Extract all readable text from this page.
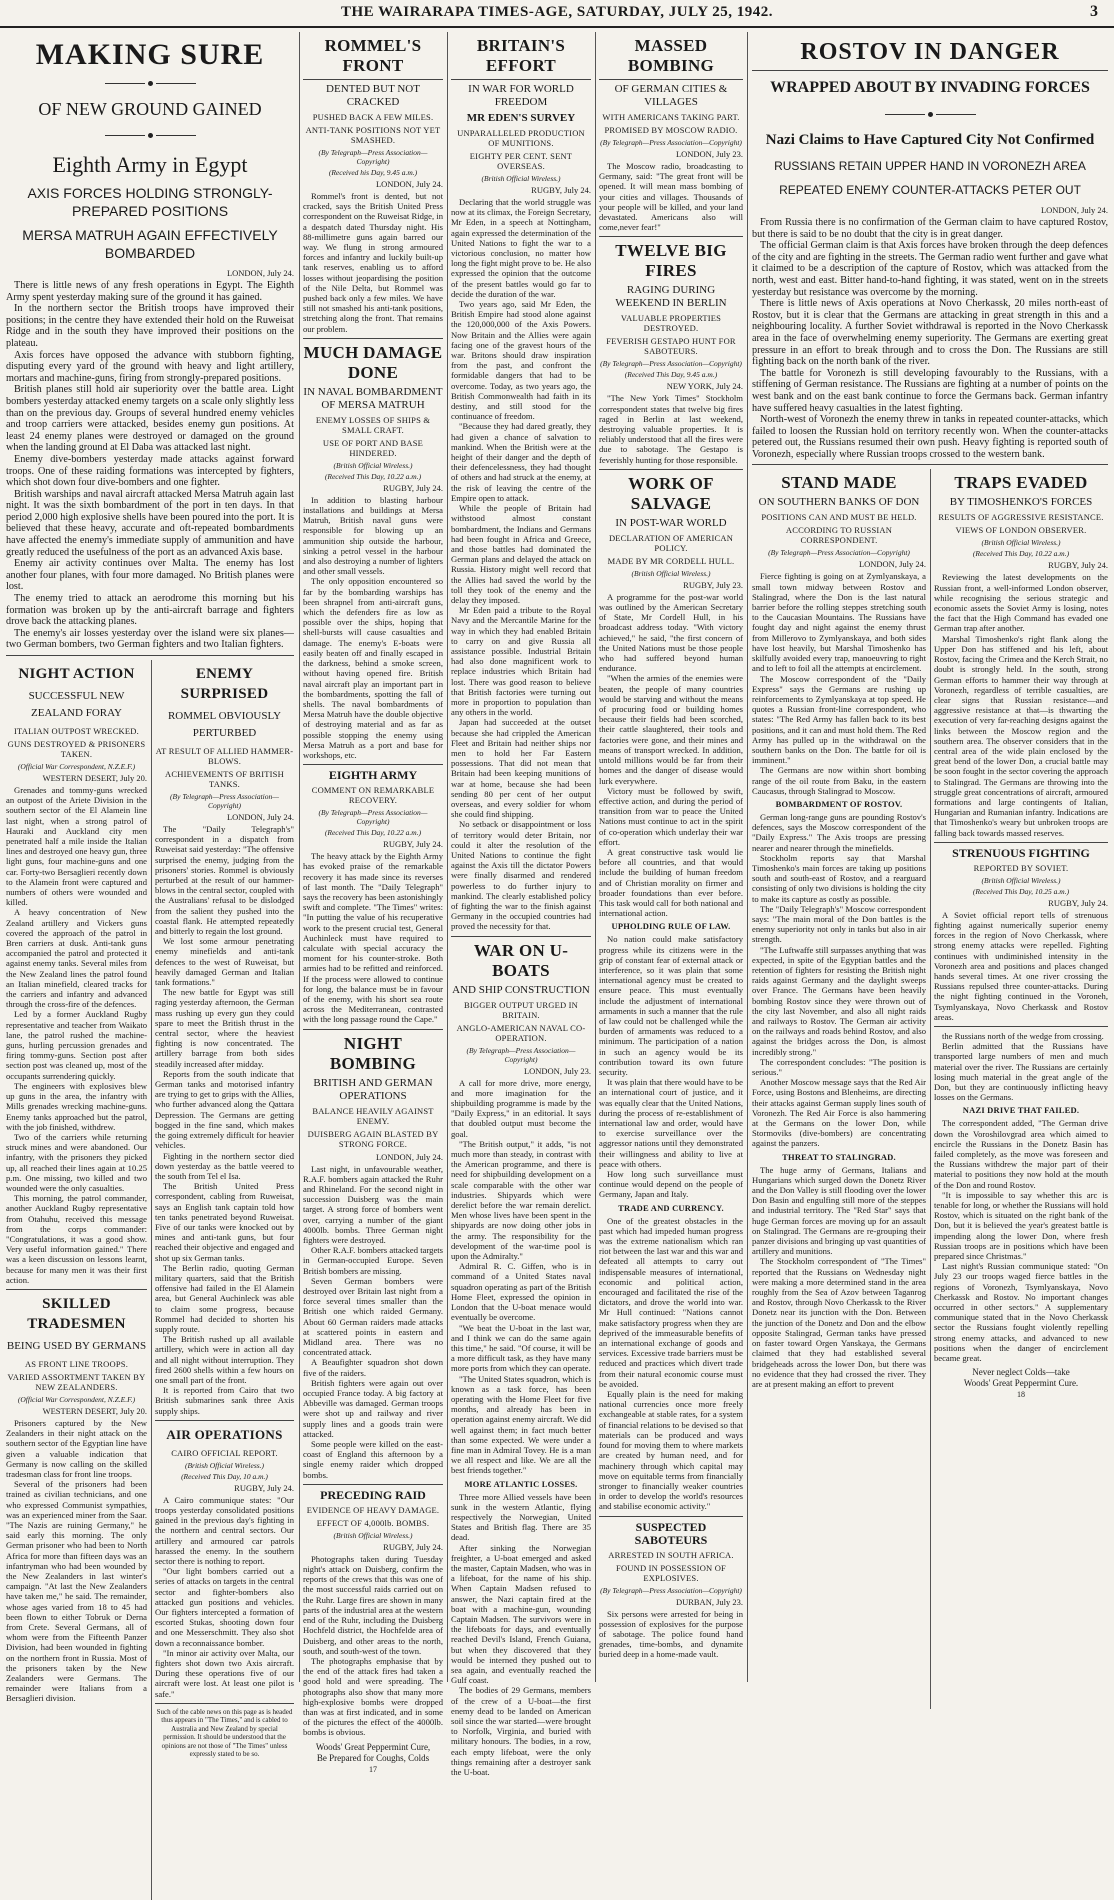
THE WAIRARAPA TIMES-AGE, SATURDAY, JULY 25, 1942.	3
MAKING SURE
OF NEW GROUND GAINED
Eighth Army in Egypt
AXIS FORCES HOLDING STRONGLY-PREPARED POSITIONS
MERSA MATRUH AGAIN EFFECTIVELY BOMBARDED
LONDON, July 24.

There is little news of any fresh operations in Egypt. The Eighth Army spent yesterday making sure of the ground it has gained.

In the northern sector the British troops have improved their positions; in the centre they have extended their hold on the Ruweisat Ridge and in the south they have improved their positions on the plateau.

Axis forces have opposed the advance with stubborn fighting, disputing every yard of the ground with heavy and light artillery, mortars and machine-guns, firing from strongly-prepared positions.

British planes still hold air superiority over the battle area. Light bombers yesterday attacked enemy targets on a scale only slightly less than on the previous day. Groups of several hundred enemy vehicles and troop carriers were attacked, besides enemy gun positions. At least 24 enemy planes were destroyed or damaged on the ground when the landing ground at El Daba was attacked last night.

Enemy dive-bombers yesterday made attacks against forward troops. One of these raiding formations was intercepted by fighters, which shot down four dive-bombers and one fighter.

British warships and naval aircraft attacked Mersa Matruh again last night. It was the sixth bombardment of the port in ten days. In that period 2,000 high explosive shells have been poured into the port. It is believed that these heavy, accurate and oft-repeated bombardments have affected the enemy's immediate supply of ammunition and have greatly reduced the usefulness of the port as an advanced Axis base.

Enemy air activity continues over Malta. The enemy has lost another four planes, with four more damaged. No British planes were lost.

The enemy tried to attack an aerodrome this morning but his formation was broken up by the anti-aircraft barrage and fighters drove back the attacking planes.

The enemy's air losses yesterday over the island were six planes—two German bombers, two German fighters and two Italian fighters.

NIGHT ACTION
SUCCESSFUL NEW ZEALAND FORAY
ITALIAN OUTPOST WRECKED.
GUNS DESTROYED & PRISONERS TAKEN.
(Official War Correspondent, N.Z.E.F.)
WESTERN DESERT, July 20.

Grenades and tommy-guns wrecked an outpost of the Ariete Division in the southern sector of the El Alamein line last night, when a strong patrol of Hauraki and Auckland city men penetrated half a mile inside the Italian lines and destroyed one heavy gun, three light guns, four machine-guns and one car. Forty-two Bersaglieri recently down to the Alamein front were captured and numbers of others were wounded and killed.

A heavy concentration of New Zealand artillery and Vickers guns covered the approach of the patrol in Bren carriers at dusk. Anti-tank guns accompanied the patrol and protected it against enemy tanks. Several miles from the New Zealand lines the patrol found an Italian minefield, cleared tracks for the carriers and infantry and advanced through the cross-fire of the defences.

Led by a former Auckland Rugby representative and teacher from Waikato lane, the patrol rushed the machine-guns, hurling percussion grenades and firing tommy-guns. Section post after section post was cleaned up, most of the occupants surrendering quickly.

The engineers with explosives blew up guns in the area, the infantry with Mills grenades wrecking machine-guns. Enemy tanks approached but the patrol, with the job finished, withdrew.

Two of the carriers while returning struck mines and were abandoned. Our infantry, with the prisoners they picked up, all reached their lines again at 10.25 p.m. One missing, two killed and two wounded were the only casualties.

This morning, the patrol commander, another Auckland Rugby representative from Otahuhu, received this message from the corps commander: "Congratulations, it was a good show. Very useful information gained." There was a keen discussion on lessons learnt, because for many men it was their first action.

SKILLED TRADESMEN
BEING USED BY GERMANS
AS FRONT LINE TROOPS.
VARIED ASSORTMENT TAKEN BY NEW ZEALANDERS.
(Official War Correspondent, N.Z.E.F.)
WESTERN DESERT, July 20.

Prisoners captured by the New Zealanders in their night attack on the southern sector of the Egyptian line have given a valuable indication that Germany is now calling on the skilled tradesman class for front line troops.

Several of the prisoners had been trained as civilian technicians, and one who expressed Communist sympathies, was an experienced miner from the Saar. "The Nazis are ruining Germany," he said early this morning. The only German prisoner who had been to North Africa for more than fifteen days was an infantryman who had been wounded by the New Zealanders in last winter's campaign. "At last the New Zealanders have taken me," he said. The remainder, whose ages varied from 18 to 45 had been flown to either Tobruk or Derna from Crete. Several Germans, all of whom were from the Fifteenth Panzer Division, had been wounded in fighting on the northern front in Russia. Most of the prisoners taken by the New Zealanders were Germans. The remainder were Italians from a Bersaglieri division.

ENEMY SURPRISED
ROMMEL OBVIOUSLY PERTURBED
AT RESULT OF ALLIED HAMMER-BLOWS.
ACHIEVEMENTS OF BRITISH TANKS.
(By Telegraph—Press Association—Copyright)
LONDON, July 24.

The "Daily Telegraph's" correspondent in a dispatch from Ruweisat said yesterday: "The offensive surprised the enemy, judging from the prisoners' stories. Rommel is obviously perturbed at the result of our hammer-blows in the central sector, coupled with the Australians' refusal to be dislodged from the salient they pushed into the coastal flank. He attempted repeatedly and bitterly to regain the lost ground.

We lost some armour penetrating enemy minefields and anti-tank defences to the west of Ruweisat, but heavily damaged German and Italian tank formations."

The new battle for Egypt was still raging yesterday afternoon, the German mass rushing up every gun they could spare to meet the British thrust in the central sector, where the heaviest fighting is now concentrated. The artillery barrage from both sides steadily increased after midday.

Reports from the south indicate that German tanks and motorised infantry are trying to get to grips with the Allies, who further advanced along the Qattara Depression. The Germans are getting bogged in the fine sand, which makes the going extremely difficult for heavier vehicles.

Fighting in the northern sector died down yesterday as the battle veered to the south from Tel el Isa.

The British United Press correspondent, cabling from Ruweisat, says an English tank captain told how ten tanks penetrated beyond Ruweisat. Five of our tanks were knocked out by mines and anti-tank guns, but four reached their objective and engaged and shot up six German tanks.

The Berlin radio, quoting German military quarters, said that the British offensive had failed in the El Alamein area, but General Auchinleck was able to claim some progress, because Rommel had decided to shorten his supply route.

The British rushed up all available artillery, which were in action all day and all night without interruption. They fired 2600 shells within a few hours on one small part of the front.

It is reported from Cairo that two British submarines sank three Axis supply ships.

AIR OPERATIONS
CAIRO OFFICIAL REPORT.
(British Official Wireless.)
(Received This Day, 10 a.m.)
RUGBY, July 24.

A Cairo communique states: "Our troops yesterday consolidated positions gained in the previous day's fighting in the northern and central sectors. Our artillery and armoured car patrols harassed the enemy. In the southern sector there is nothing to report.

"Our light bombers carried out a series of attacks on targets in the central sector and fighter-bombers also attacked gun positions and vehicles. Our fighters intercepted a formation of escorted Stukas, shooting down four and one Messerschmitt. They also shot down a reconnaissance bomber.

"In minor air activity over Malta, our fighters shot down two Axis aircraft. During these operations five of our aircraft were lost. At least one pilot is safe."

Such of the cable news on this page as is headed thus appears in "The Times," and is cabled to Australia and New Zealand by special permission. It should be understood that the opinions are not those of "The Times" unless expressly stated to be so.
ROMMEL'S FRONT
DENTED BUT NOT CRACKED
PUSHED BACK A FEW MILES.
ANTI-TANK POSITIONS NOT YET SMASHED.
(By Telegraph—Press Association—Copyright)
(Received his Day, 9.45 a.m.)
LONDON, July 24.

Rommel's front is dented, but not cracked, says the British United Press correspondent on the Ruweisat Ridge, in a despatch dated Thursday night. His 88-millimetre guns again barred our way. We flung in strong armoured forces and infantry and luckily built-up tank reserves, enabling us to afford losses without jeopardising the position of the Nile Delta, but Rommel was pushed back only a few miles. We have still not smashed his anti-tank positions, stretching along the front. That remains our problem.

MUCH DAMAGE DONE
IN NAVAL BOMBARDMENT OF MERSA MATRUH
ENEMY LOSSES OF SHIPS & SMALL CRAFT.
USE OF PORT AND BASE HINDERED.
(British Official Wireless.)
(Received This Day, 10.22 a.m.)
RUGBY, July 24.

In addition to blasting harbour installations and buildings at Mersa Matruh, British naval guns were responsible for blowing up an ammunition ship outside the harbour, sinking a petrol vessel in the harbour and also destroying a number of lighters and other small vessels.

The only opposition encountered so far by the bombarding warships has been shrapnel from anti-aircraft guns, which the defenders fire as low as possible over the ships, hoping that shell-bursts will cause casualties and damage. The enemy's E-boats were easily beaten off and finally escaped in the darkness, behind a smoke screen, without having opened fire. British naval aircraft play an important part in the bombardments, spotting the fall of shells. The naval bombardments of Mersa Matruh have the double objective of destroying material and as far as possible stopping the enemy using Mersa Matruh as a port and base for workshops, etc.

EIGHTH ARMY
COMMENT ON REMARKABLE RECOVERY.
(By Telegraph—Press Association—Copyright)
(Received This Day, 10.22 a.m.)
RUGBY, July 24.

The heavy attack by the Eighth Army has evoked praise of the remarkable recovery it has made since its reverses of last month. The "Daily Telegraph" says the recovery has been astonishingly swift and complete. "The Times" writes: "In putting the value of his recuperative work to the present crucial test, General Auchinleck must have required to calculate with special accuracy the moment for his counter-stroke. Both armies had to be refitted and reinforced. If the process were allowed to continue for long, the balance must be in favour of the enemy, with his short sea route across the Mediterranean, contrasted with the long passage round the Cape."

NIGHT BOMBING
BRITISH AND GERMAN OPERATIONS
BALANCE HEAVILY AGAINST ENEMY.
DUISBERG AGAIN BLASTED BY STRONG FORCE.
LONDON, July 24.

Last night, in unfavourable weather, R.A.F. bombers again attacked the Ruhr and Rhineland. For the second night in succession Duisberg was the main target. A strong force of bombers went over, carrying a number of the giant 4000lb. bombs. Three German night fighters were destroyed.

Other R.A.F. bombers attacked targets in German-occupied Europe. Seven British bombers are missing.

Seven German bombers were destroyed over Britain last night from a force several times smaller than the British one which raided Germany. About 60 German raiders made attacks at scattered points in eastern and Midland area. There was no concentrated attack.

A Beaufighter squadron shot down five of the raiders.

British fighters were again out over occupied France today. A big factory at Abbeville was damaged. German troops were shot up and railway and river supply lines and a goods train were attacked.

Some people were killed on the east-coast of England this afternoon by a single enemy raider which dropped bombs.

PRECEDING RAID
EVIDENCE OF HEAVY DAMAGE.
EFFECT OF 4,000lb. BOMBS.
(British Official Wireless.)
RUGBY, July 24.

Photographs taken during Tuesday night's attack on Duisberg, confirm the reports of the crews that this was one of the most successful raids carried out on the Ruhr. Large fires are shown in many parts of the industrial area at the western end of the Ruhr, including the Duisberg Hochfeld district, the Hochfelde area of Duisberg, and other areas to the north, south, and south-west of the town.

The photographs emphasise that by the end of the attack fires had taken a good hold and were spreading. The photographs also show that many more high-explosive bombs were dropped than was at first indicated, and in some of the pictures the effect of the 4000lb. bombs is obvious.

Woods' Great Peppermint Cure,
Be Prepared for Coughs, Colds
17
BRITAIN'S EFFORT
IN WAR FOR WORLD FREEDOM
MR EDEN'S SURVEY
UNPARALLELED PRODUCTION OF MUNITIONS.
EIGHTY PER CENT. SENT OVERSEAS.
(British Official Wireless.)
RUGBY, July 24.

Declaring that the world struggle was now at its climax, the Foreign Secretary, Mr Eden, in a speech at Nottingham, again expressed the determination of the United Nations to fight the war to a victorious conclusion, no matter how long the fight might prove to be. He also expressed the opinion that the outcome of the present battles would go far to decide the duration of the war.

Two years ago, said Mr Eden, the British Empire had stood alone against the 120,000,000 of the Axis Powers. Now Britain and the Allies were again facing one of the gravest hours of the war. Britons should draw inspiration from the past, and confront the formidable dangers that had to be overcome. Today, as two years ago, the British Commonwealth had faith in its destiny, and still stood for the continuance of freedom.

"Because they had dared greatly, they had given a chance of salvation to mankind. When the British were at the height of their danger and the depth of their defencelessness, they had thought of others and had struck at the enemy, at the risk of leaving the centre of the Empire open to attack.

While the people of Britain had withstood almost constant bombardment, the Indians and Germans had been fought in Africa and Greece, and those battles had dominated the German plans and delayed the attack on Russia. History might well record that the Allies had saved the world by the toll they took of the enemy and the delay they imposed.

Mr Eden paid a tribute to the Royal Navy and the Mercantile Marine for the way in which they had enabled Britain to carry on and give Russia all assistance possible. Industrial Britain had also done magnificent work to replace industries which Britain had lost. There was good reason to believe that British factories were turning out more in proportion to population than any others in the world.

Japan had succeeded at the outset because she had crippled the American Fleet and Britain had neither ships nor men to hold her Far Eastern possessions. That did not mean that Britain had been keeping munitions of war at home, because she had been sending 80 per cent of her output overseas, and every soldier for whom she could find shipping.

No setback or disappointment or loss of territory would deter Britain, nor could it alter the resolution of the United Nations to continue the fight against the Axis till the dictator Powers were finally disarmed and rendered powerless to do further injury to mankind. The clearly established policy of fighting the war to the finish against Germany in the occupied countries had proved the necessity for that.

WAR ON U-BOATS
AND SHIP CONSTRUCTION
BIGGER OUTPUT URGED IN BRITAIN.
ANGLO-AMERICAN NAVAL CO-OPERATION.
(By Telegraph—Press Association—Copyright)
LONDON, July 23.

A call for more drive, more energy, and more imagination for the shipbuilding programme is made by the "Daily Express," in an editorial. It says that doubled output must become the goal.

"The British output," it adds, "is not much more than steady, in contrast with the American programme, and there is need for shipbuilding development on a scale comparable with the other war industries. Shipyards which were derelict before the war remain derelict. Men whose lives have been spent in the shipyards are now doing other jobs in the army. The responsibility for the development of the war-time pool is upon the Admiralty."

Admiral R. C. Giffen, who is in command of a United States naval squadron operating as part of the British Home Fleet, expressed the opinion in London that the U-boat menace would eventually be overcome.

"We beat the U-boat in the last war, and I think we can do the same again this time," he said. "Of course, it will be a more difficult task, as they have many more ports from which they can operate.

"The United States squadron, which is known as a task force, has been operating with the Home Fleet for five months, and already has been in operation against enemy aircraft. We did well against them; in fact much better than some expected. We were under a fine man in Admiral Tovey. He is a man we all respect and like. We are all the best friends together."

MORE ATLANTIC LOSSES.

Three more Allied vessels have been sunk in the western Atlantic, flying respectively the Norwegian, United States and British flag. There are 35 dead.

After sinking the Norwegian freighter, a U-boat emerged and asked the master, Captain Madsen, who was in a lifeboat, for the name of his ship. When Captain Madsen refused to answer, the Nazi captain fired at the boat with a machine-gun, wounding Captain Madsen. The survivors were in the lifeboats for days, and eventually reached Devil's Island, French Guiana, but when they discovered that they would be interned they pushed out to sea again, and eventually reached the Gulf coast.

The bodies of 29 Germans, members of the crew of a U-boat—the first enemy dead to be landed on American soil since the war started—were brought to Norfolk, Virginia, and buried with military honours. The bodies, in a row, each empty lifeboat, were the only things remaining after a destroyer sank the U-boat.

MASSED BOMBING
OF GERMAN CITIES & VILLAGES
WITH AMERICANS TAKING PART.
PROMISED BY MOSCOW RADIO.
(By Telegraph—Press Association—Copyright)
LONDON, July 23.

The Moscow radio, broadcasting to Germany, said: "The great front will be opened. It will mean mass bombing of your cities and villages. Thousands of your people will be killed, and your land devastated. Americans also will come,never fear!"

TWELVE BIG FIRES
RAGING DURING WEEKEND IN BERLIN
VALUABLE PROPERTIES DESTROYED.
FEVERISH GESTAPO HUNT FOR SABOTEURS.
(By Telegraph—Press Association—Copyright)
(Received This Day, 9.45 a.m.)
NEW YORK, July 24.

"The New York Times" Stockholm correspondent states that twelve big fires raged in Berlin at last weekend, destroying valuable properties. It is reliably understood that all the fires were due to sabotage. The Gestapo is feverishly hunting for those responsible.

WORK OF SALVAGE
IN POST-WAR WORLD
DECLARATION OF AMERICAN POLICY.
MADE BY MR CORDELL HULL.
(British Official Wireless.)
RUGBY, July 23.

A programme for the post-war world was outlined by the American Secretary of State, Mr Cordell Hull, in his broadcast address today. "With victory achieved," he said, "the first concern of the United Nations must be those people who had suffered beyond human endurance.

"When the armies of the enemies were beaten, the people of many countries would be starving and without the means of procuring food or building homes because their fields had been scorched, their cattle slaughtered, their tools and factories were gone, and their mines and means of transport wrecked. In addition, untold millions would be far from their homes and the danger of disease would lurk everywhere.

Victory must be followed by swift, effective action, and during the period of transition from war to peace the United Nations must continue to act in the spirit of co-operation which underlay their war effort.

A great constructive task would lie before all countries, and that would include the building of human freedom and of Christian morality on firmer and broader foundations than ever before. This task would call for both national and international action.

UPHOLDING RULE OF LAW.

No nation could make satisfactory progress while its citizens were in the grip of constant fear of external attack or interference, so it was plain that some international agency must be created to ensure peace. This must eventually include the adjustment of international armaments in such a manner that the rule of law could not be challenged while the burden of armaments was reduced to a minimum. The participation of a nation in such an agency would be its contribution toward its own future security.

It was plain that there would have to be an international court of justice, and it was equally clear that the United Nations, during the process of re-establishment of international law and order, would have to exercise surveillance over the aggressor nations until they demonstrated their willingness and ability to live at peace with others.

How long such surveillance must continue would depend on the people of Germany, Japan and Italy.

TRADE AND CURRENCY.

One of the greatest obstacles in the past which had impeded human progress was the extreme nationalism which ran riot between the last war and this war and defeated all attempts to carry out indispensable measures of international, economic and political action, encouraged and facilitated the rise of the dictators, and drove the world into war. Mr Hull continued: "Nations cannot make satisfactory progress when they are deprived of the immeasurable benefits of an international exchange of goods and services. Excessive trade barriers must be reduced and practices which divert trade from their natural economic course must be avoided.

Equally plain is the need for making national currencies once more freely exchangeable at stable rates, for a system of financial relations to be devised so that materials can be produced and ways found for moving them to where markets are created by human need, and for machinery through which capital may move on equitable terms from financially stronger to financially weaker countries in order to develop the world's resources and stabilise economic activity."

SUSPECTED SABOTEURS
ARRESTED IN SOUTH AFRICA.
FOUND IN POSSESSION OF EXPLOSIVES.
(By Telegraph—Press Association—Copyright)
DURBAN, July 23.

Six persons were arrested for being in possession of explosives for the purpose of sabotage. The police found hand grenades, time-bombs, and dynamite buried deep in a home-made vault.

ROSTOV IN DANGER
WRAPPED ABOUT BY INVADING FORCES
Nazi Claims to Have Captured City Not Confirmed
RUSSIANS RETAIN UPPER HAND IN VORONEZH AREA
REPEATED ENEMY COUNTER-ATTACKS PETER OUT
LONDON, July 24.

From Russia there is no confirmation of the German claim to have captured Rostov, but there is said to be no doubt that the city is in great danger.

The official German claim is that Axis forces have broken through the deep defences of the city and are fighting in the streets. The German radio went further and gave what it claimed to be a description of the capture of Rostov, which was attacked from the north, west and east. Bitter hand-to-hand fighting, it was stated, went on in the streets yesterday but resistance was overcome by the morning.

There is little news of Axis operations at Novo Cherkassk, 20 miles north-east of Rostov, but it is clear that the Germans are attacking in great strength in this and a neighbouring locality. A further Soviet withdrawal is reported in the Novo Cherkassk area in the face of overwhelming enemy superiority. The Germans are exerting great pressure in an effort to break through and to cross the Don. The Russians are still fighting back on the north bank of the river.

The battle for Voronezh is still developing favourably to the Russians, with a stiffening of German resistance. The Russians are fighting at a number of points on the west bank and on the east bank continue to force the Germans back. German infantry have suffered heavy casualties in the latest fighting.

North-west of Voronezh the enemy threw in tanks in repeated counter-attacks, which failed to loosen the Russian hold on territory recently won. When the counter-attacks petered out, the Russians resumed their own push. Heavy fighting is reported south of Voronezh, especially where Russian troops crossed to the western bank.

STAND MADE
ON SOUTHERN BANKS OF DON
POSITIONS CAN AND MUST BE HELD.
ACCORDING TO RUSSIAN CORRESPONDENT.
(By Telegraph—Press Association—Copyright)
LONDON, July 24.

Fierce fighting is going on at Zymlyanskaya, a small town midway between Rostov and Stalingrad, where the Don is the last natural barrier before the rolling steppes stretching south to the Caucasian Mountains. The Russians have fought day and night against the enemy thrust from Millerovo to Zymlyanskaya, and both sides have lost heavily, but Marshal Timoshenko has skilfully avoided every trap, manoeuvring to right and to left to foil all the attempts at encirclement.

The Moscow correspondent of the "Daily Express" says the Germans are rushing up reinforcements to Zymlyanskaya at top speed. He quotes a Russian front-line correspondent, who states: "The Red Army has fallen back to its best positions, and it can and must hold them. The Red Army has pulled up in the withdrawal on the southern banks on the Don. The battle for oil is imminent."

The Germans are now within short bombing range of the oil route from Baku, in the eastern Caucasus, through Stalingrad to Moscow.

BOMBARDMENT OF ROSTOV.

German long-range guns are pounding Rostov's defences, says the Moscow correspondent of the "Daily Express." The Axis troops are pressing nearer and nearer through the minefields.

Stockholm reports say that Marshal Timoshenko's main forces are taking up positions south and south-east of Rostov, and a rearguard consisting of only two divisions is holding the city to make its capture as costly as possible.

The "Daily Telegraph's" Moscow correspondent says: "The main moral of the Don battles is the enemy superiority not only in tanks but also in air strength.

"The Luftwaffe still surpasses anything that was expected, in spite of the Egyptian battles and the retention of fighters for resisting the British night raids against Germany and the daylight sweeps over France. The Germans have been heavily bombing Rostov since they were thrown out of the city last November, and also all night raids and railways to Rostov. The German air activity on the railways and roads behind Rostov, and also against the bridges across the Don, is almost incredibly strong."

The correspondent concludes: "The position is serious."

Another Moscow message says that the Red Air Force, using Bostons and Blenheims, are directing their attacks against German supply lines south of Voronezh. The Red Air Force is also hammering at the Germans on the lower Don, while Stormoviks (dive-bombers) are concentrating against the panzers.

THREAT TO STALINGRAD.

The huge army of Germans, Italians and Hungarians which surged down the Donetz River and the Don Valley is still flooding over the lower Don Basin and engulfing still more of the steppes and industrial territory. The "Red Star" says that huge German forces are moving up for an assault on Stalingrad. The Germans are re-grouping their panzer divisions and bringing up vast quantities of artillery and munitions.

The Stockholm correspondent of "The Times" reported that the Russians on Wednesday night were making a more determined stand in the area roughly from the Sea of Azov between Taganrog and Rostov, through Novo Cherkassk to the River Donetz near its junction with the Don. Between the junction of the Donetz and Don and the elbow opposite Stalingrad, German tanks have pressed on faster toward Orgen Yanskaya, the Germans claimed that they had established several bridgeheads across the lower Don, but there was no evidence that they had crossed the river. They are at present making an effort to prevent

TRAPS EVADED
BY TIMOSHENKO'S FORCES
RESULTS OF AGGRESSIVE RESISTANCE.
VIEWS OF LONDON OBSERVER.
(British Official Wireless.)
(Received This Day, 10.22 a.m.)
RUGBY, July 24.

Reviewing the latest developments on the Russian front, a well-informed London observer, while recognising the serious strategic and economic assets the Soviet Army is losing, notes the fact that the High Command has evaded one German trap after another.

Marshal Timoshenko's right flank along the Upper Don has stiffened and his left, about Rostov, facing the Crimea and the Kerch Strait, no doubt is strongly held. In the south, strong German efforts to hammer their way through at Voronezh, regardless of terrible casualties, are clear signs that Russian resistance—and aggressive resistance at that—is thwarting the execution of very far-reaching designs against the links between the Moscow region and the southern area. The observer considers that in the central area of the wide plain enclosed by the great bend of the lower Don, a crucial battle may be soon fought in the sector covering the approach to Stalingrad. The Germans are throwing into the struggle great concentrations of aircraft, armoured formations and large contingents of Italian, Hungarian and Rumanian infantry. Indications are that Timoshenko's weary but unbroken troops are falling back towards massed reserves.

STRENUOUS FIGHTING
REPORTED BY SOVIET.
(British Official Wireless.)
(Received This Day, 10.25 a.m.)
RUGBY, July 24.

A Soviet official report tells of strenuous fighting against numerically superior enemy forces in the region of Novo Cherkassk, where strong enemy attacks were repelled. Fighting continues with undiminished intensity in the Voronezh area and positions and places changed hands several times. At one river crossing the Russians repulsed three counter-attacks. During the night fighting continued in the Voroneh, Tsymlyanskaya, Novo Cherkassk and Rostov areas.

the Russians north of the wedge from crossing.

Berlin admitted that the Russians have transported large numbers of men and much material over the river. The Russians are certainly losing much material in the great angle of the Don, but they are continuously inflicting heavy losses on the Germans.

NAZI DRIVE THAT FAILED.

The correspondent added, "The German drive down the Voroshilovgrad area which aimed to encircle the Russians in the Donetz Basin has failed completely, as the move was foreseen and the Russians withdrew the major part of their material to positions they now hold at the mouth of the Don and round Rostov.

"It is impossible to say whether this arc is tenable for long, or whether the Russians will hold Rostov, which is situated on the right bank of the Don, but it is believed the year's greatest battle is impending along the lower Don, where fresh Russian troops are in positions which have been prepared since Christmas."

Last night's Russian communique stated: "On July 23 our troops waged fierce battles in the regions of Voronezh, Tsymlyanskaya, Novo Cherkassk and Rostov. No important changes occurred in other sectors." A supplementary communique stated that in the Novo Cherkassk sector the Russians fought violently repelling strong enemy attacks, and advanced to new positions when the danger of encirclement became great.

Never neglect Colds—take
Woods' Great Peppermint Cure.
18
